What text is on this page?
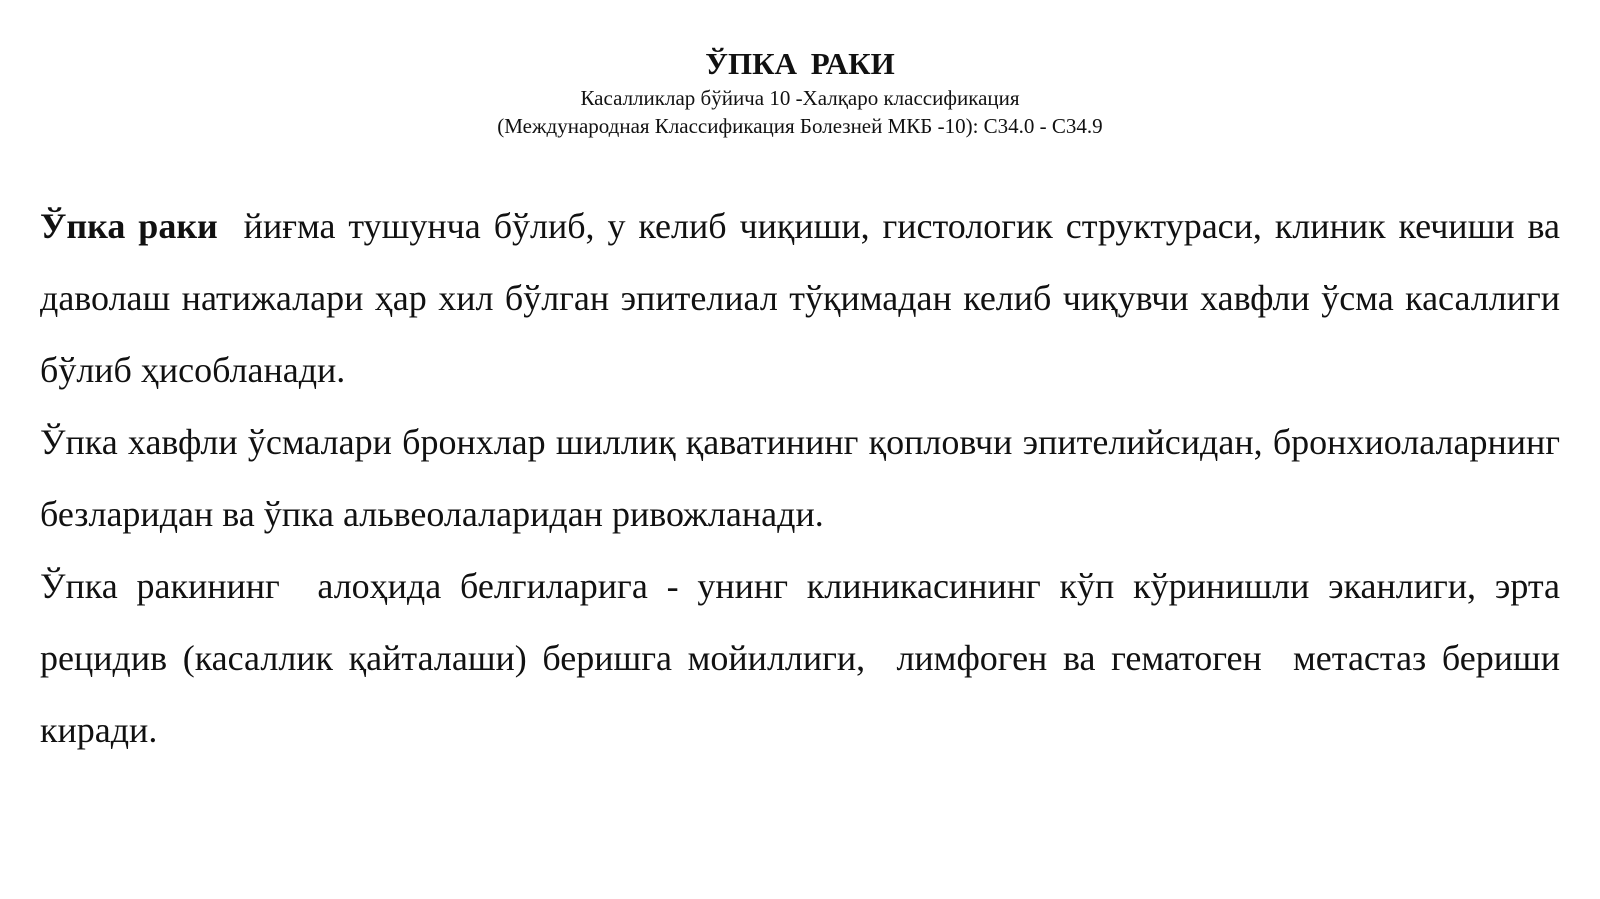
ЎПКА РАКИ
Касалликлар бўйича 10 -Халқаро классификация
(Международная Классификация Болезней МКБ -10): С34.0 - С34.9

Ўпка раки  йиғма тушунча бўлиб, у келиб чиқиши, гистологик структураси, клиник кечиши ва даволаш натижалари ҳар хил бўлган эпителиал тўқимадан келиб чиқувчи хавфли ўсма касаллиги бўлиб ҳисобланади.

Ўпка хавфли ўсмалари бронхлар шиллиқ қаватининг қопловчи эпителийсидан, бронхиолаларнинг безларидан ва ўпка альвеолаларидан ривожланади.

Ўпка ракининг  алоҳида белгиларига - унинг клиникасининг кўп кўринишли эканлиги, эрта рецидив (касаллик қайталаши) беришга мойиллиги,  лимфоген ва гематоген  метастаз бериши киради.
